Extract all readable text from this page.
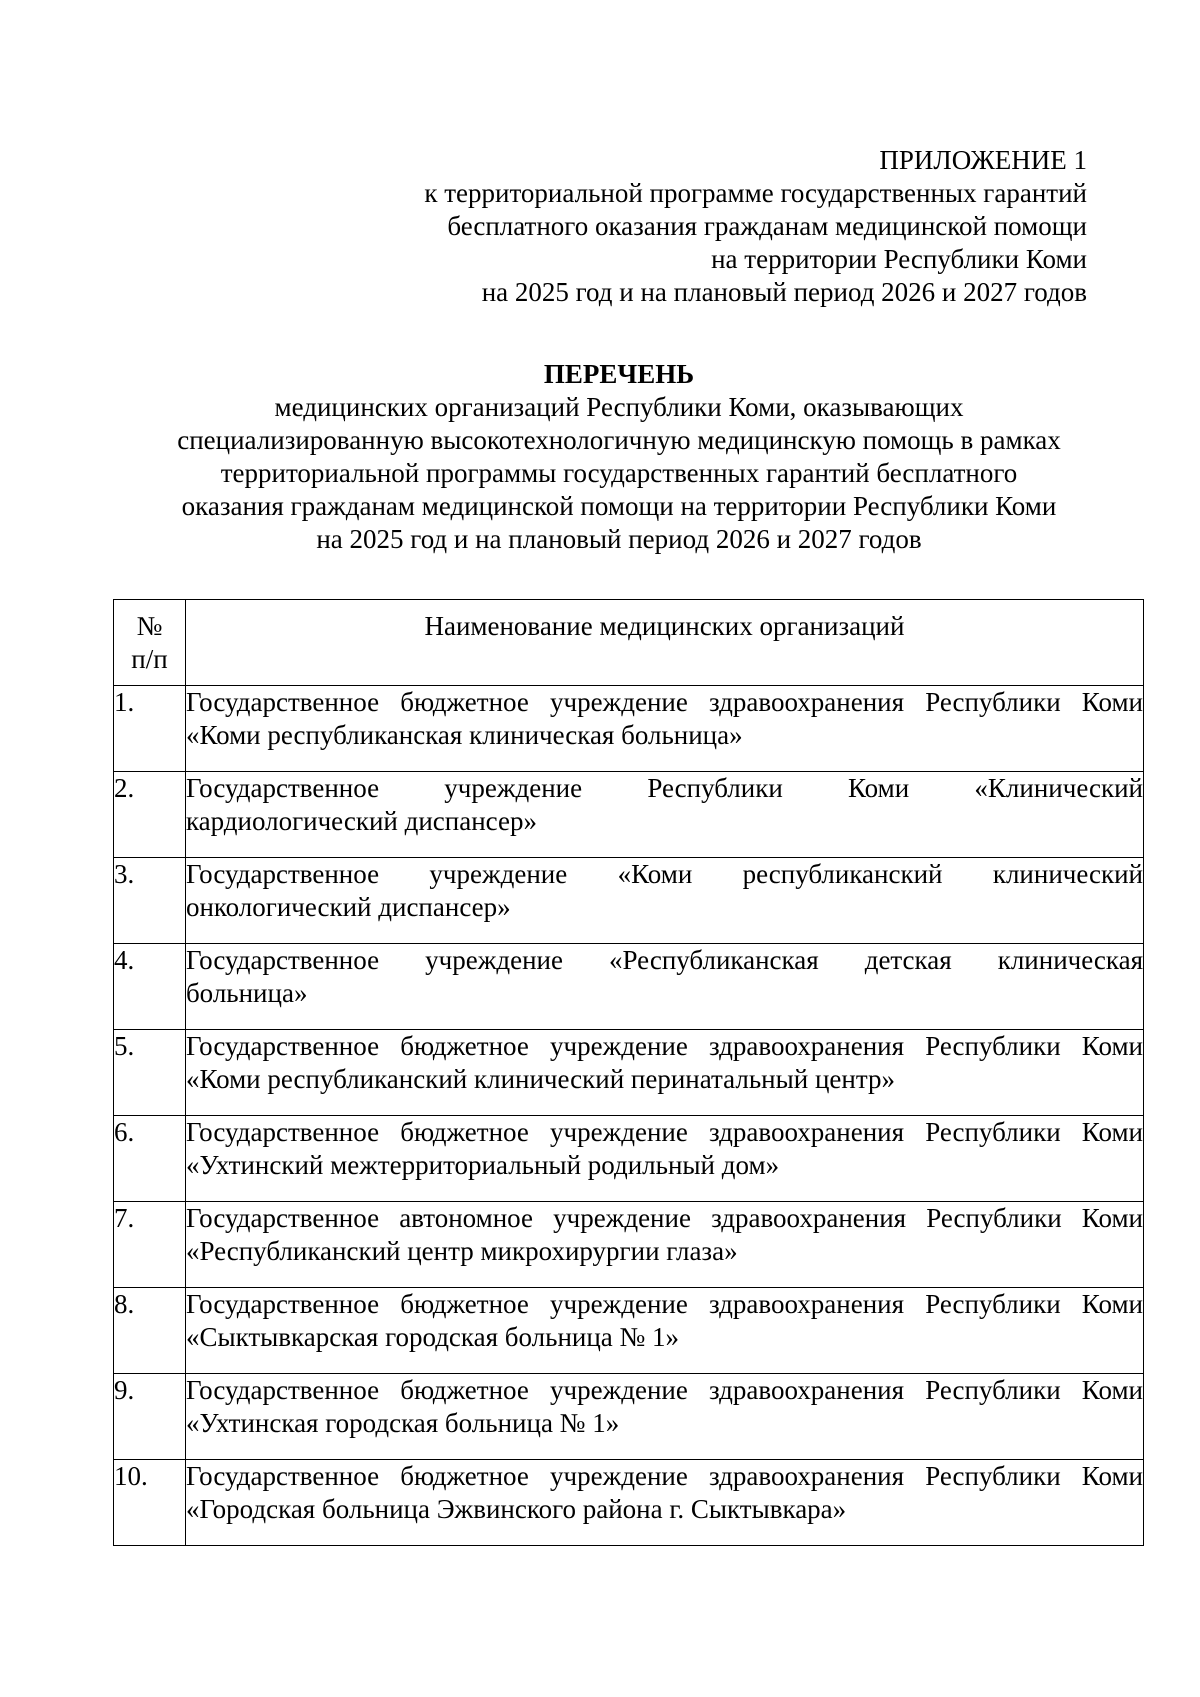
ПРИЛОЖЕНИЕ 1
к территориальной программе государственных гарантий
бесплатного оказания гражданам медицинской помощи
на территории Республики Коми
на 2025 год и на плановый период 2026 и 2027 годов
ПЕРЕЧЕНЬ
медицинских организаций Республики Коми, оказывающих
специализированную высокотехнологичную медицинскую помощь в рамках
территориальной программы государственных гарантий бесплатного
оказания гражданам медицинской помощи на территории Республики Коми
на 2025 год и на плановый период 2026 и 2027 годов
№
п/п	Наименование медицинских организаций
1.	Государственное бюджетное учреждение здравоохранения Республики Коми
«Коми республиканская клиническая больница»

2.	Государственное учреждение Республики Коми «Клинический
кардиологический диспансер»

3.	Государственное учреждение «Коми республиканский клинический
онкологический диспансер»

4.	Государственное учреждение «Республиканская детская клиническая
больница»

5.	Государственное бюджетное учреждение здравоохранения Республики Коми
«Коми республиканский клинический перинатальный центр»

6.	Государственное бюджетное учреждение здравоохранения Республики Коми
«Ухтинский межтерриториальный родильный дом»

7.	Государственное автономное учреждение здравоохранения Республики Коми
«Республиканский центр микрохирургии глаза»

8.	Государственное бюджетное учреждение здравоохранения Республики Коми
«Сыктывкарская городская больница № 1»

9.	Государственное бюджетное учреждение здравоохранения Республики Коми
«Ухтинская городская больница № 1»

10.	Государственное бюджетное учреждение здравоохранения Республики Коми
«Городская больница Эжвинского района г. Сыктывкара»
